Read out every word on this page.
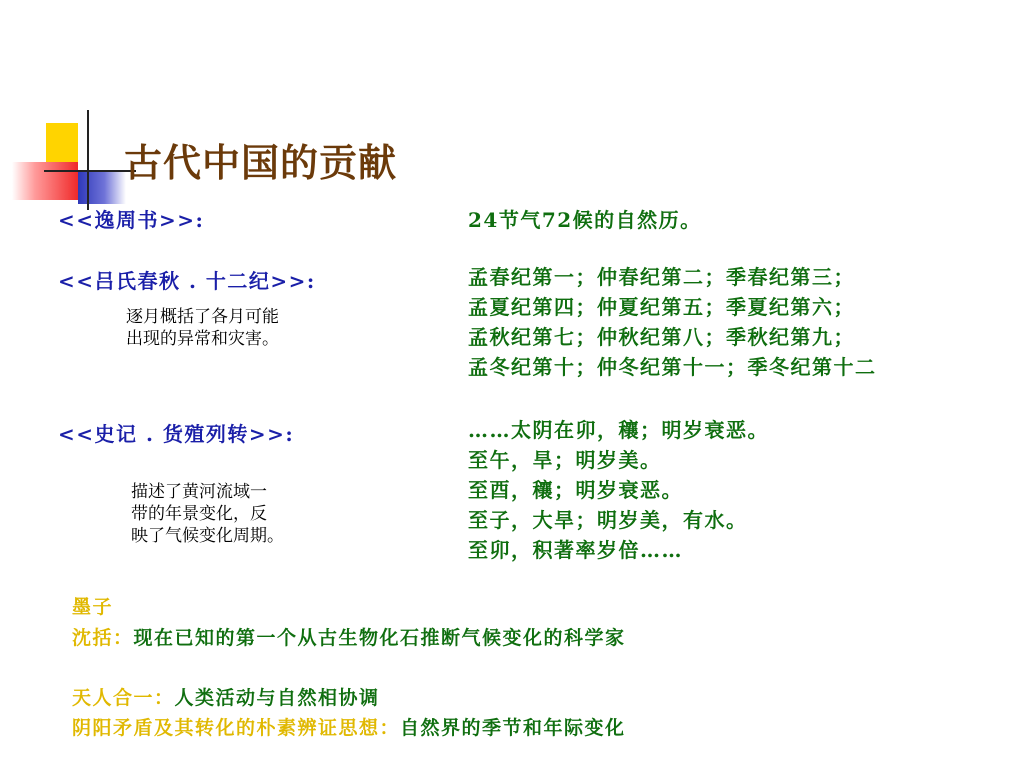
古代中国的贡献
<<逸周书>>:	24节气72候的自然历。
<<吕氏春秋 . 十二纪>>:
逐月概括了各月可能
出现的异常和灾害。
孟春纪第一；仲春纪第二；季春纪第三；
孟夏纪第四；仲夏纪第五；季夏纪第六；
孟秋纪第七；仲秋纪第八；季秋纪第九；
孟冬纪第十；仲冬纪第十一；季冬纪第十二
<<史记 . 货殖列转>>:
描述了黄河流域一
带的年景变化，反
映了气候变化周期。
……太阴在卯，穰；明岁衰恶。
至午，旱；明岁美。
至酉，穰；明岁衰恶。
至子，大旱；明岁美，有水。
至卯，积著率岁倍……
墨子
沈括：现在已知的第一个从古生物化石推断气候变化的科学家
天人合一：人类活动与自然相协调
阴阳矛盾及其转化的朴素辨证思想：自然界的季节和年际变化
